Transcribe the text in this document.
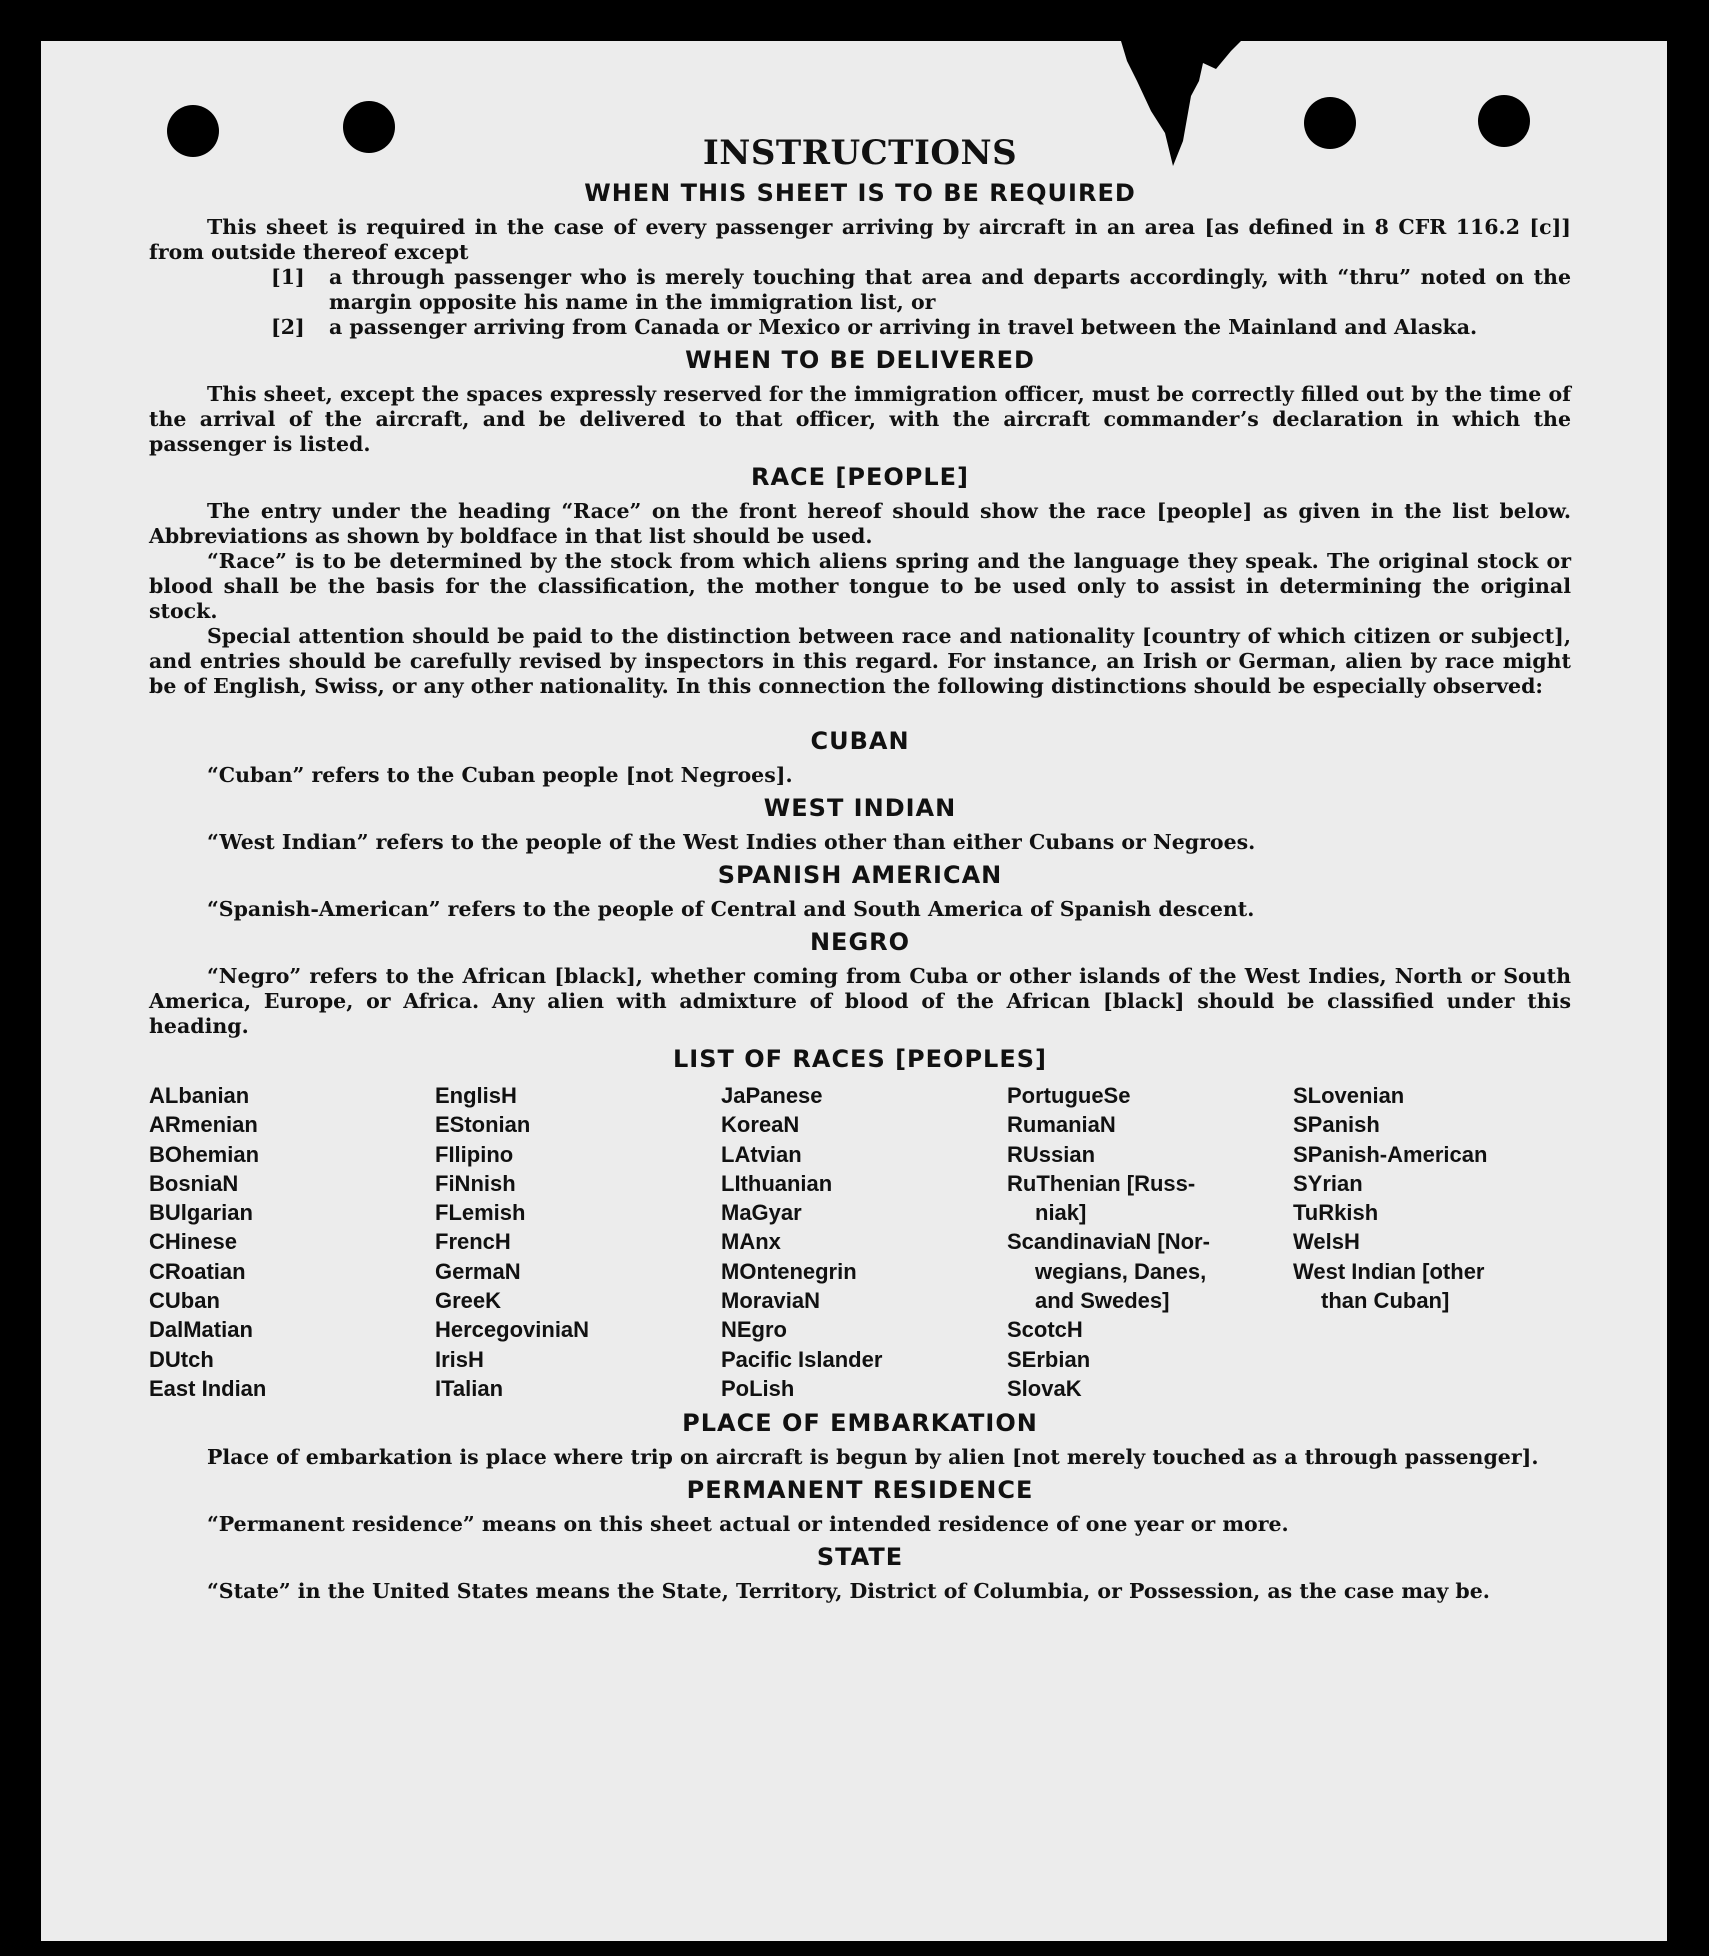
INSTRUCTIONS
WHEN THIS SHEET IS TO BE REQUIRED

This sheet is required in the case of every passenger arriving by aircraft in an area [as defined in 8 CFR 116.2 [c]] from outside thereof except

[1]	a through passenger who is merely touching that area and departs accordingly, with “thru” noted on the margin opposite his name in the immigration list, or

[2]	a passenger arriving from Canada or Mexico or arriving in travel between the Mainland and Alaska.

WHEN TO BE DELIVERED

This sheet, except the spaces expressly reserved for the immigration officer, must be correctly filled out by the time of the arrival of the aircraft, and be delivered to that officer, with the aircraft commander’s declaration in which the passenger is listed.

RACE [PEOPLE]

The entry under the heading “Race” on the front hereof should show the race [people] as given in the list below. Abbreviations as shown by boldface in that list should be used.

“Race” is to be determined by the stock from which aliens spring and the language they speak. The original stock or blood shall be the basis for the classification, the mother tongue to be used only to assist in determining the original stock.

Special attention should be paid to the distinction between race and nationality [country of which citizen or subject], and entries should be carefully revised by inspectors in this regard. For instance, an Irish or German, alien by race might be of English, Swiss, or any other nationality. In this connection the following distinctions should be especially observed:

CUBAN

“Cuban” refers to the Cuban people [not Negroes].

WEST INDIAN

“West Indian” refers to the people of the West Indies other than either Cubans or Negroes.

SPANISH AMERICAN

“Spanish-American” refers to the people of Central and South America of Spanish descent.

NEGRO

“Negro” refers to the African [black], whether coming from Cuba or other islands of the West Indies, North or South America, Europe, or Africa. Any alien with admixture of blood of the African [black] should be classified under this heading.

LIST OF RACES [PEOPLES]
ALbanian
ARmenian
BOhemian
BosniaN
BUlgarian
CHinese
CRoatian
CUban
DalMatian
DUtch
East Indian
EnglisH
EStonian
FIlipino
FiNnish
FLemish
FrencH
GermaN
GreeK
HercegoviniaN
IrisH
ITalian
JaPanese
KoreaN
LAtvian
LIthuanian
MaGyar
MAnx
MOntenegrin
MoraviaN
NEgro
Pacific Islander
PoLish
PortugueSe
RumaniaN
RUssian
RuThenian [Russ-
niak]
ScandinaviaN [Nor-
wegians, Danes,
and Swedes]
ScotcH
SErbian
SlovaK
SLovenian
SPanish
SPanish-American
SYrian
TuRkish
WelsH
West Indian [other
than Cuban]
PLACE OF EMBARKATION

Place of embarkation is place where trip on aircraft is begun by alien [not merely touched as a through passenger].

PERMANENT RESIDENCE

“Permanent residence” means on this sheet actual or intended residence of one year or more.

STATE

“State” in the United States means the State, Territory, District of Columbia, or Possession, as the case may be.
